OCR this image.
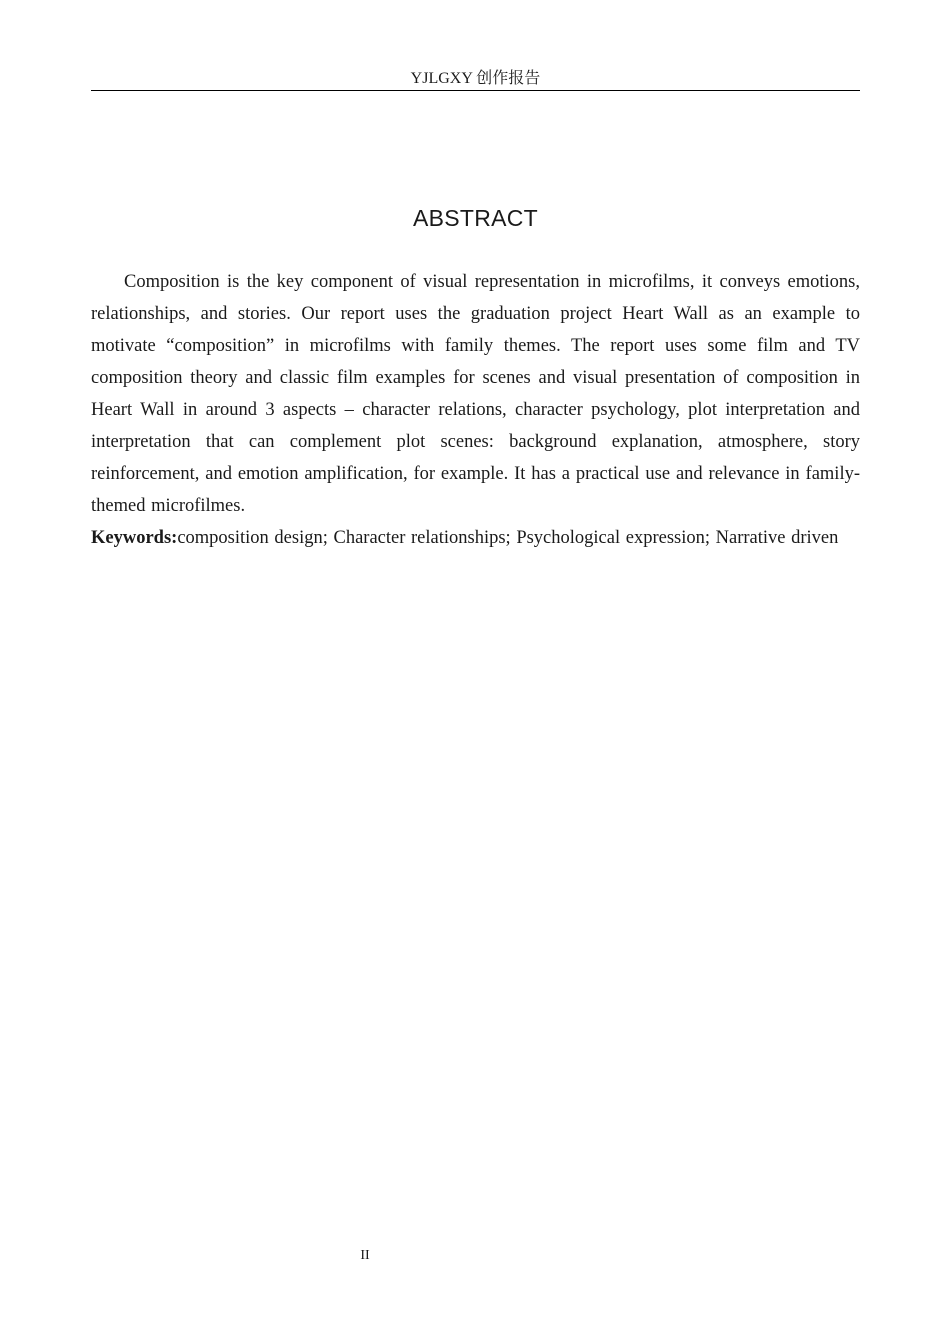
YJLGXY 创作报告
ABSTRACT

Composition is the key component of visual representation in microfilms, it conveys emotions, relationships, and stories. Our report uses the graduation project Heart Wall as an example to motivate “composition” in microfilms with family themes. The report uses some film and TV composition theory and classic film examples for scenes and visual presentation of composition in Heart Wall in around 3 aspects – character relations, character psychology, plot interpretation and interpretation that can complement plot scenes: background explanation, atmosphere, story reinforcement, and emotion amplification, for example. It has a practical use and relevance in family-themed microfilmes.

Keywords:composition design; Character relationships; Psychological expression; Narrative driven

II
